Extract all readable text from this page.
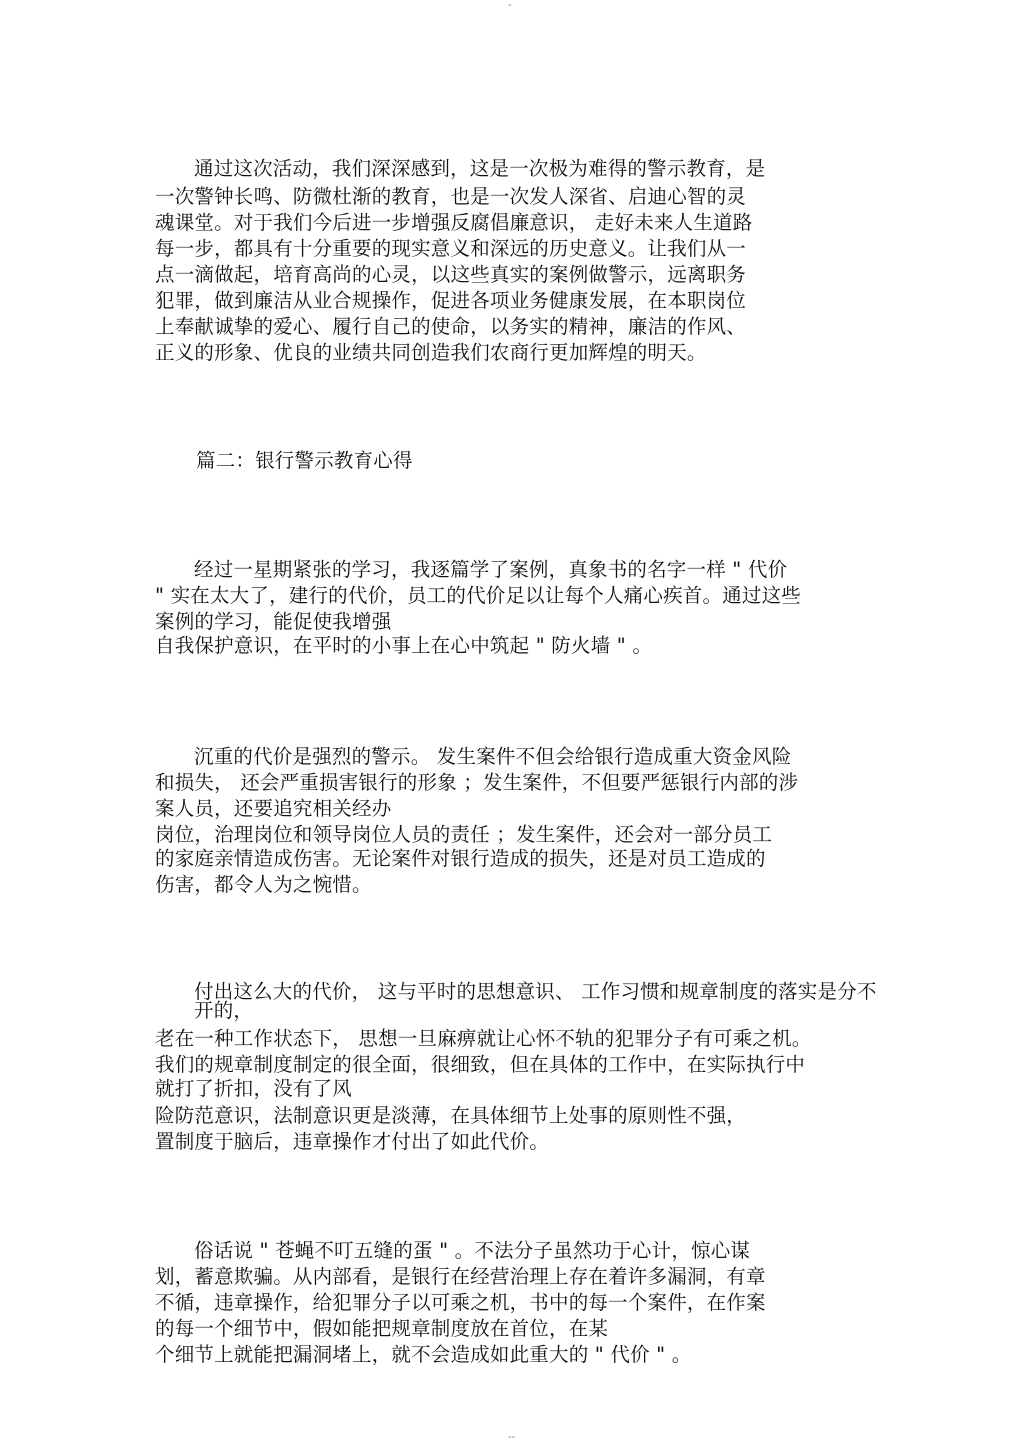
-
通过这次活动，我们深深感到，这是一次极为难得的警示教育，是
一次警钟长鸣、防微杜渐的教育，也是一次发人深省、启迪心智的灵
魂课堂。对于我们今后进一步增强反腐倡廉意识， 走好未来人生道路
每一步，都具有十分重要的现实意义和深远的历史意义。让我们从一
点一滴做起，培育高尚的心灵，以这些真实的案例做警示，远离职务
犯罪，做到廉洁从业合规操作，促进各项业务健康发展，在本职岗位
上奉献诚挚的爱心、履行自己的使命，以务实的精神，廉洁的作风、
正义的形象、优良的业绩共同创造我们农商行更加辉煌的明天。
篇二：银行警示教育心得
经过一星期紧张的学习，我逐篇学了案例，真象书的名字一样 " 代价
" 实在太大了，建行的代价，员工的代价足以让每个人痛心疾首。通过这些
案例的学习，能促使我增强
自我保护意识，在平时的小事上在心中筑起 " 防火墙 " 。
沉重的代价是强烈的警示。 发生案件不但会给银行造成重大资金风险
和损失， 还会严重损害银行的形象 ；发生案件，不但要严惩银行内部的涉
案人员，还要追究相关经办
岗位，治理岗位和领导岗位人员的责任 ；发生案件，还会对一部分员工
的家庭亲情造成伤害。无论案件对银行造成的损失，还是对员工造成的
伤害，都令人为之惋惜。
付出这么大的代价， 这与平时的思想意识、 工作习惯和规章制度的落实是分不
开的，
老在一种工作状态下， 思想一旦麻痹就让心怀不轨的犯罪分子有可乘之机。
我们的规章制度制定的很全面，很细致，但在具体的工作中，在实际执行中
就打了折扣，没有了风
险防范意识，法制意识更是淡薄，在具体细节上处事的原则性不强，
置制度于脑后，违章操作才付出了如此代价。
俗话说 " 苍蝇不叮五缝的蛋 " 。不法分子虽然功于心计，惊心谋
划，蓄意欺骗。从内部看，是银行在经营治理上存在着许多漏洞，有章
不循，违章操作，给犯罪分子以可乘之机，书中的每一个案件，在作案
的每一个细节中，假如能把规章制度放在首位，在某
个细节上就能把漏洞堵上，就不会造成如此重大的 " 代价 " 。
--
